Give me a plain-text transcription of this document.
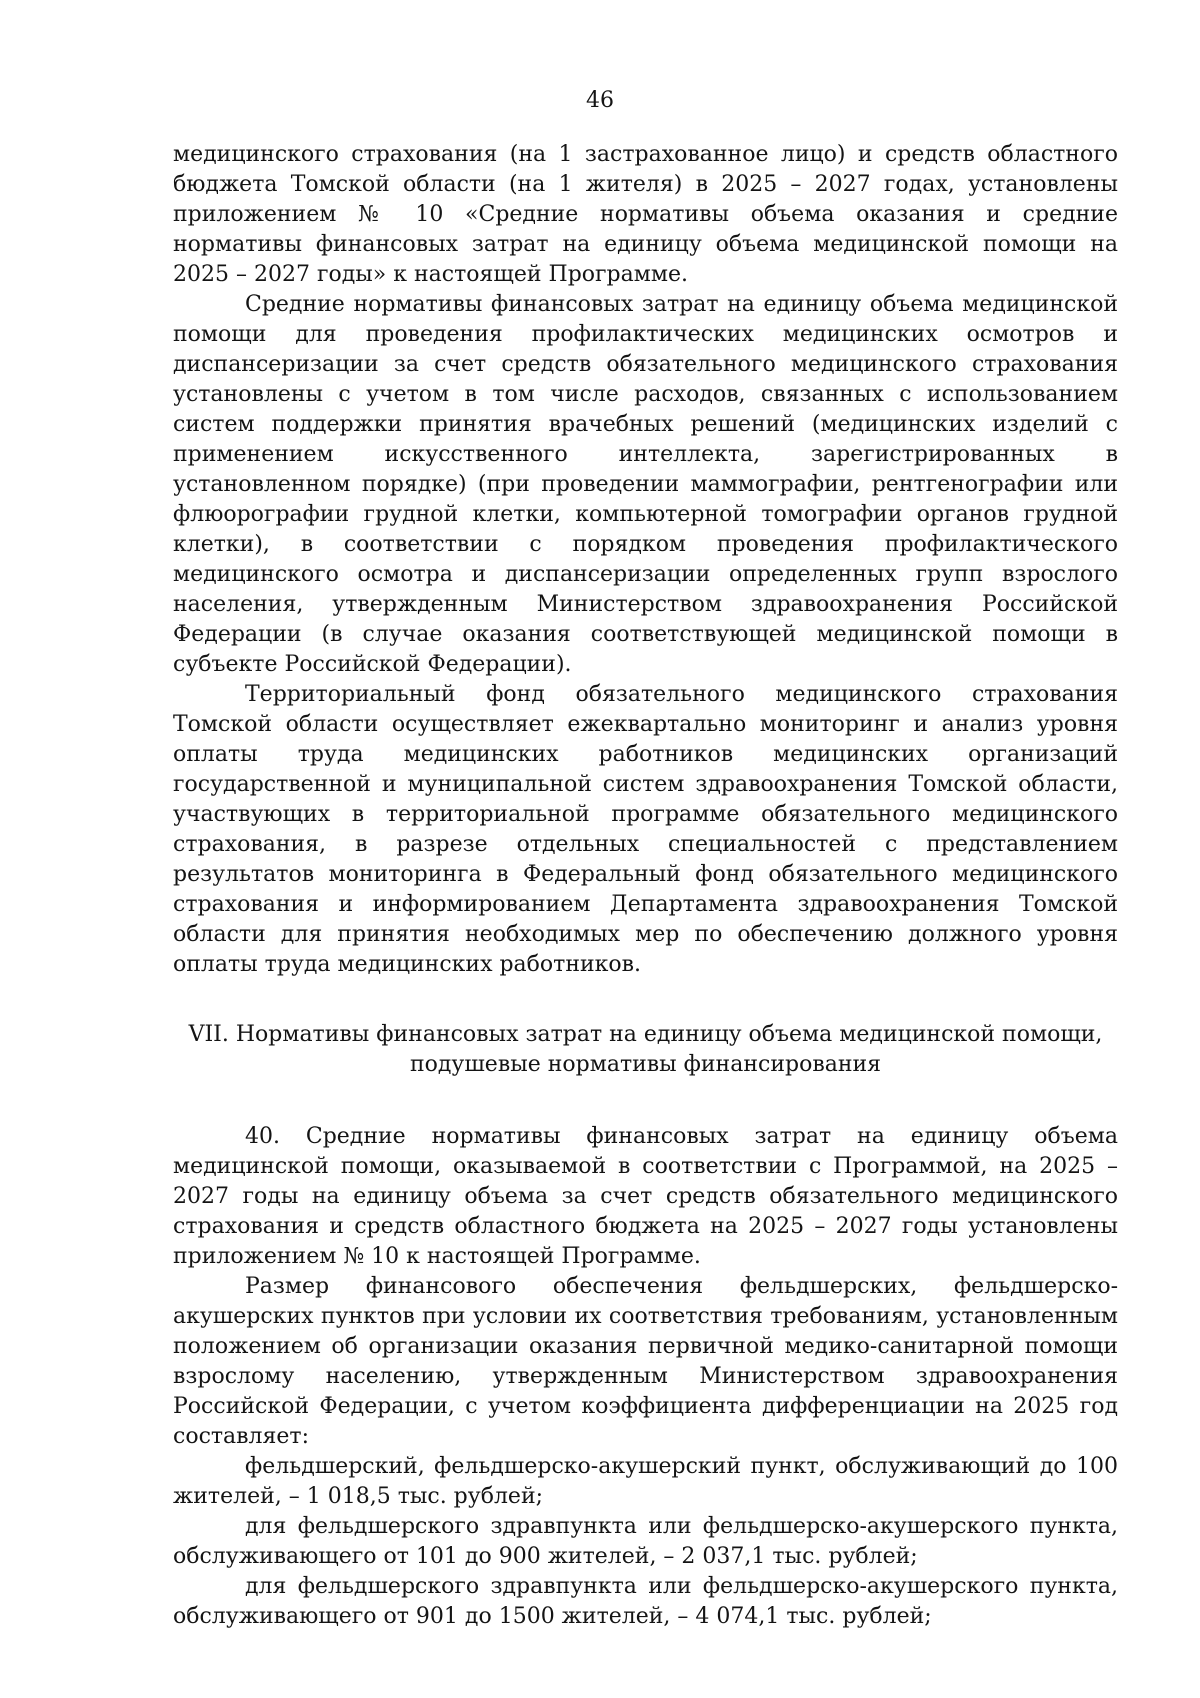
46

медицинского страхования (на 1 застрахованное лицо) и средств областного бюджета Томской области (на 1 жителя) в 2025 – 2027 годах, установлены приложением № 10 «Средние нормативы объема оказания и средние нормативы финансовых затрат на единицу объема медицинской помощи на 2025 – 2027 годы» к настоящей Программе.

Средние нормативы финансовых затрат на единицу объема медицинской помощи для проведения профилактических медицинских осмотров и диспансеризации за счет средств обязательного медицинского страхования установлены с учетом в том числе расходов, связанных с использованием систем поддержки принятия врачебных решений (медицинских изделий с применением искусственного интеллекта, зарегистрированных в установленном порядке) (при проведении маммографии, рентгенографии или флюорографии грудной клетки, компьютерной томографии органов грудной клетки), в соответствии с порядком проведения профилактического медицинского осмотра и диспансеризации определенных групп взрослого населения, утвержденным Министерством здравоохранения Российской Федерации (в случае оказания соответствующей медицинской помощи в субъекте Российской Федерации).

Территориальный фонд обязательного медицинского страхования Томской области осуществляет ежеквартально мониторинг и анализ уровня оплаты труда медицинских работников медицинских организаций государственной и муниципальной систем здравоохранения Томской области, участвующих в территориальной программе обязательного медицинского страхования, в разрезе отдельных специальностей с представлением результатов мониторинга в Федеральный фонд обязательного медицинского страхования и информированием Департамента здравоохранения Томской области для принятия необходимых мер по обеспечению должного уровня оплаты труда медицинских работников.

VII. Нормативы финансовых затрат на единицу объема медицинской помощи,
подушевые нормативы финансирования

40. Средние нормативы финансовых затрат на единицу объема медицинской помощи, оказываемой в соответствии с Программой, на 2025 – 2027 годы на единицу объема за счет средств обязательного медицинского страхования и средств областного бюджета на 2025 – 2027 годы установлены приложением № 10 к настоящей Программе.

Размер финансового обеспечения фельдшерских, фельдшерско-акушерских пунктов при условии их соответствия требованиям, установленным положением об организации оказания первичной медико-санитарной помощи взрослому населению, утвержденным Министерством здравоохранения Российской Федерации, с учетом коэффициента дифференциации на 2025 год составляет:

фельдшерский, фельдшерско-акушерский пункт, обслуживающий до 100 жителей, – 1 018,5 тыс. рублей;

для фельдшерского здравпункта или фельдшерско-акушерского пункта, обслуживающего от 101 до 900 жителей, – 2 037,1 тыс. рублей;

для фельдшерского здравпункта или фельдшерско-акушерского пункта, обслуживающего от 901 до 1500 жителей, – 4 074,1 тыс. рублей;
